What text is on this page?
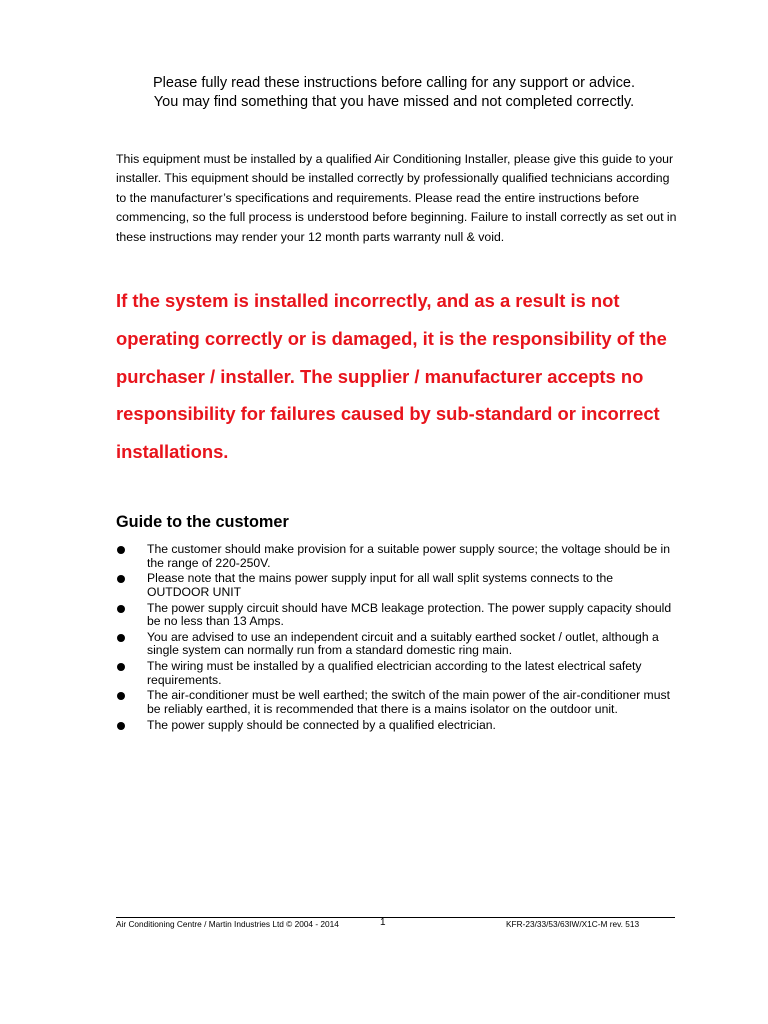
Please fully read these instructions before calling for any support or advice.
You may find something that you have missed and not completed correctly.
This equipment must be installed by a qualified Air Conditioning Installer, please give this guide to your installer. This equipment should be installed correctly by professionally qualified technicians according to the manufacturer’s specifications and requirements. Please read the entire instructions before commencing, so the full process is understood before beginning. Failure to install correctly as set out in these instructions may render your 12 month parts warranty null & void.
If the system is installed incorrectly, and as a result is not operating correctly or is damaged, it is the responsibility of the purchaser / installer. The supplier / manufacturer accepts no responsibility for failures caused by sub-standard or incorrect installations.
Guide to the customer
The customer should make provision for a suitable power supply source; the voltage should be in the range of 220-250V.
Please note that the mains power supply input for all wall split systems connects to the OUTDOOR UNIT
The power supply circuit should have MCB leakage protection. The power supply capacity should be no less than 13 Amps.
You are advised to use an independent circuit and a suitably earthed socket / outlet, although a single system can normally run from a standard domestic ring main.
The wiring must be installed by a qualified electrician according to the latest electrical safety requirements.
The air-conditioner must be well earthed; the switch of the main power of the air-conditioner must be reliably earthed, it is recommended that there is a mains isolator on the outdoor unit.
The power supply should be connected by a qualified electrician.
Air Conditioning Centre / Martin Industries Ltd © 2004 - 2014	1	KFR-23/33/53/63IW/X1C-M rev. 513
